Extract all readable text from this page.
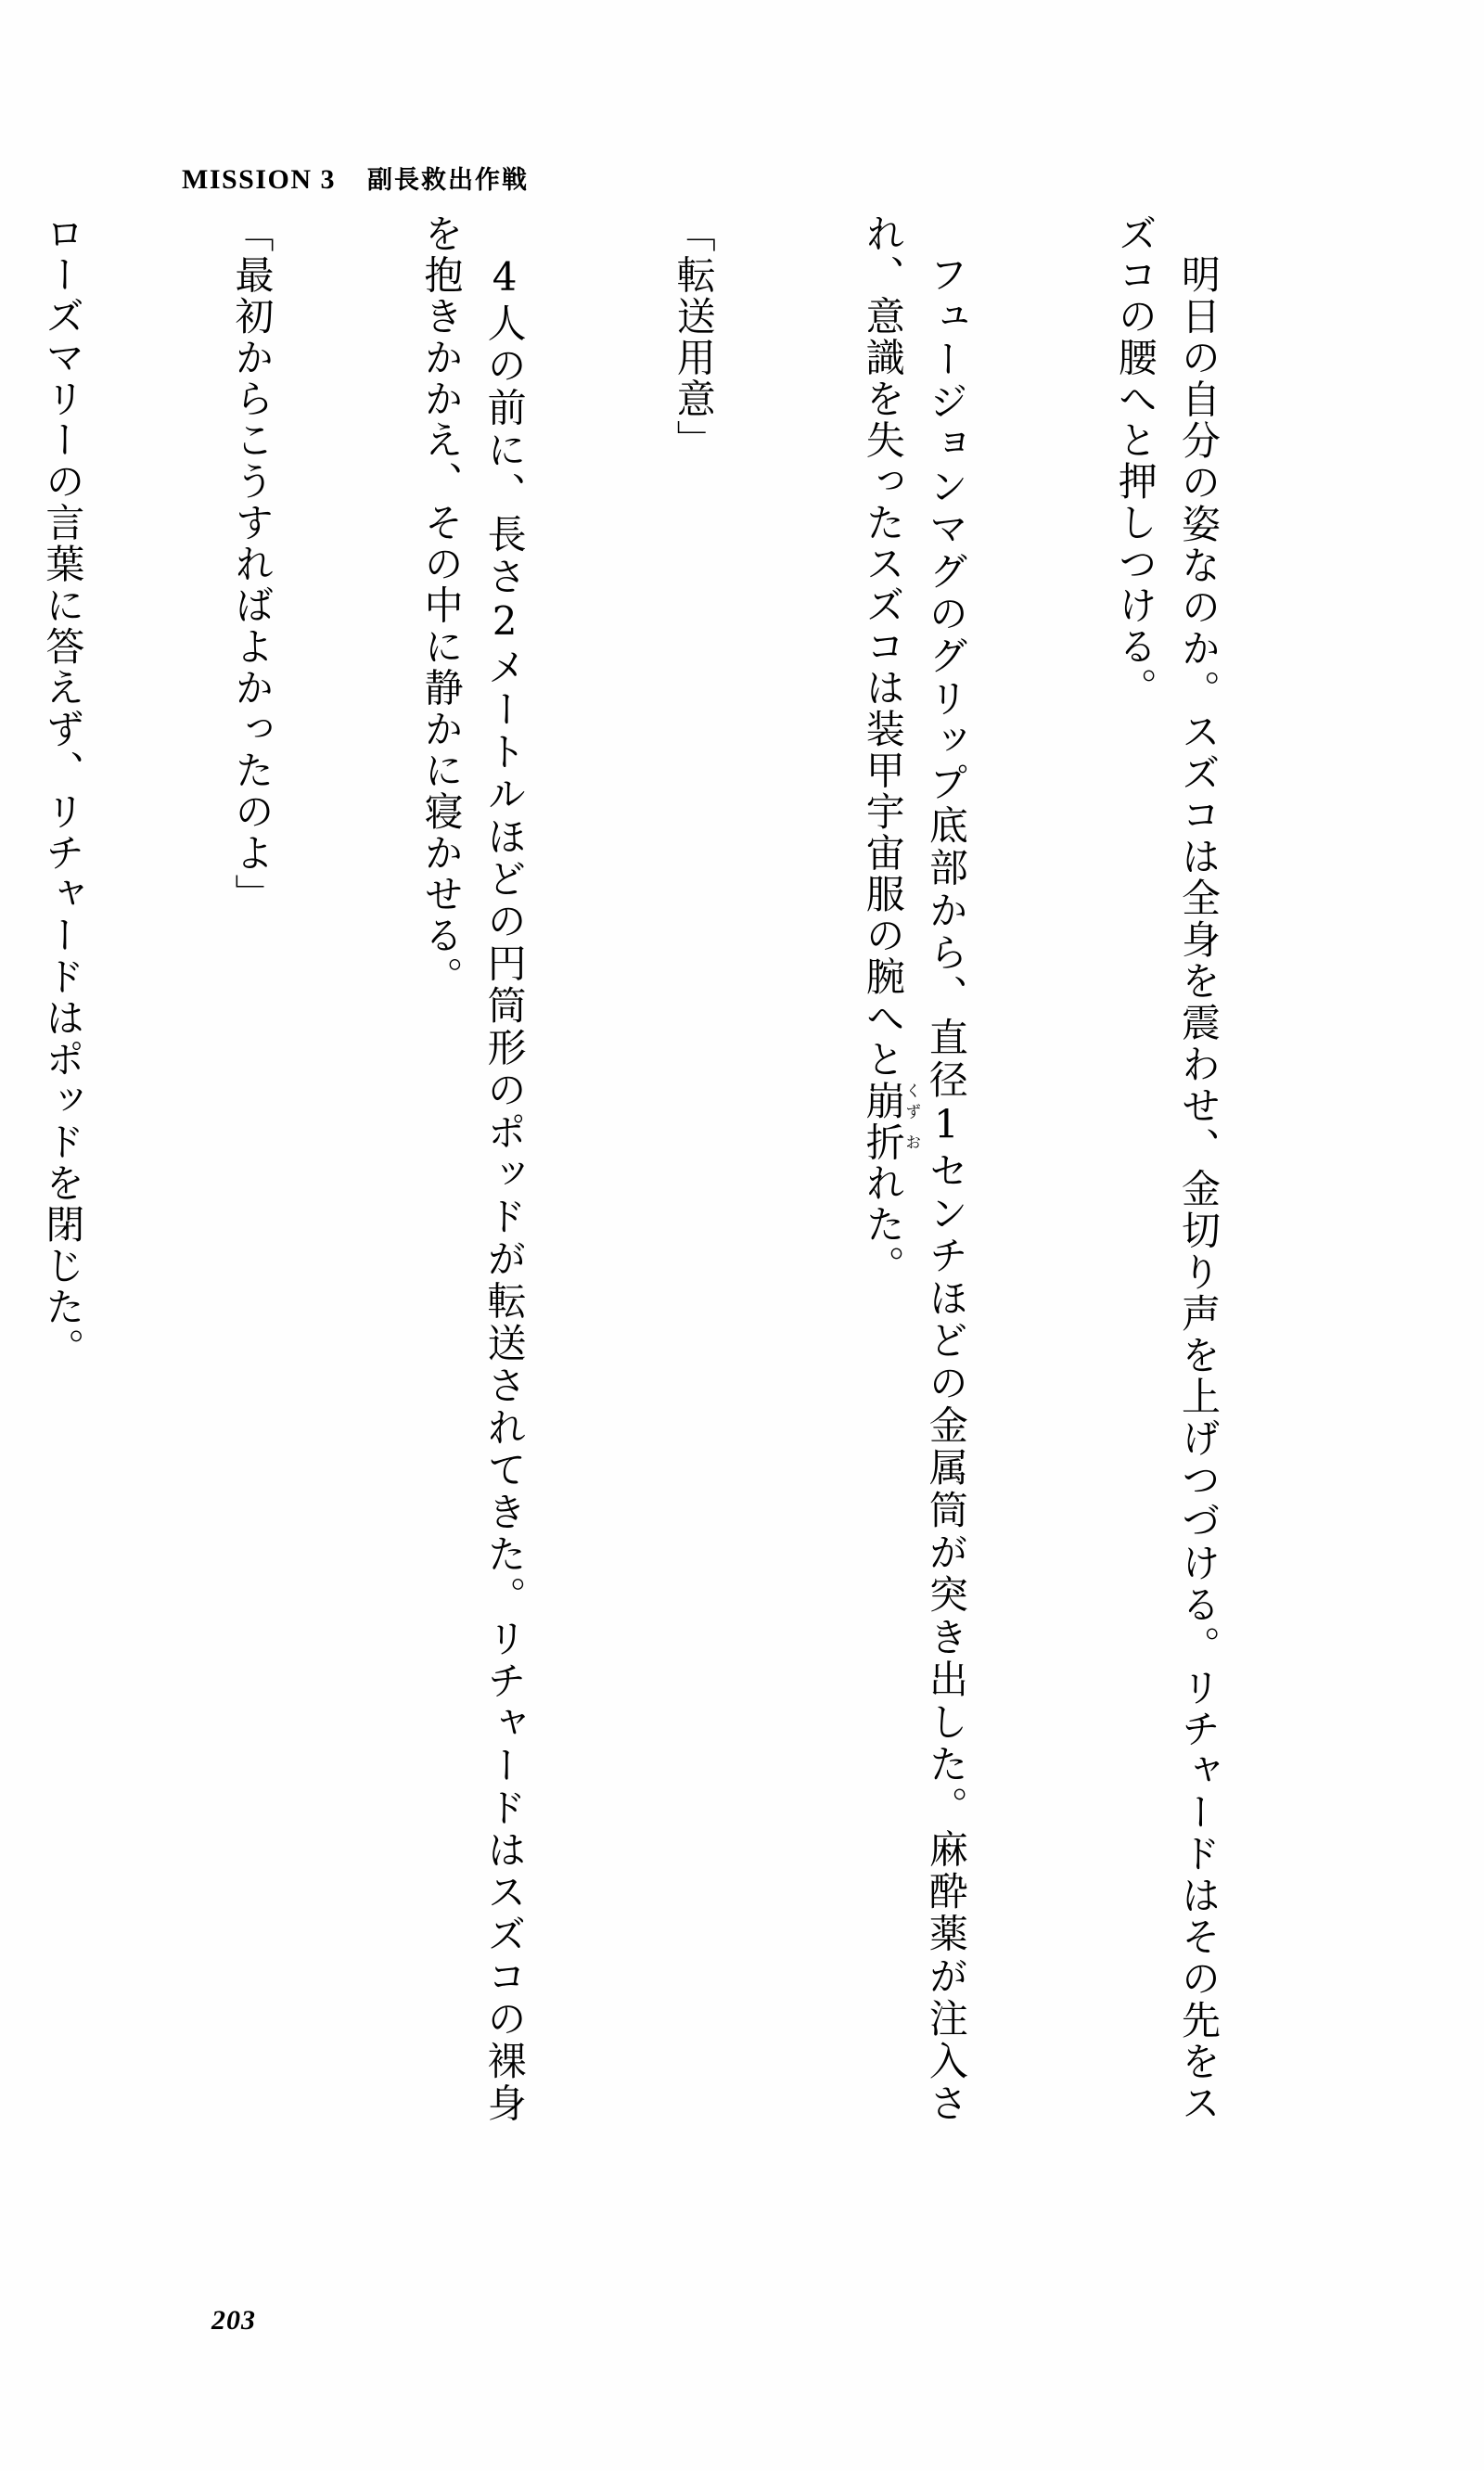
MISSION 3 副長救出作戦

明日の自分の姿なのか。スズコは全身を震わせ、金切り声を上げつづける。リチャードはその先をスズコの腰へと押しつける。

フュージョンマグのグリップ底部から、直径1センチほどの金属筒が突き出した。麻酔薬が注入され、意識を失ったスズコは装甲宇宙服の腕へと崩くず折おれた。

「転送用意」

4人の前に、長さ2メートルほどの円筒形のポッドが転送されてきた。リチャードはスズコの裸身を抱きかかえ、その中に静かに寝かせる。

「最初からこうすればよかったのよ」

ローズマリーの言葉に答えず、リチャードはポッドを閉じた。

203
